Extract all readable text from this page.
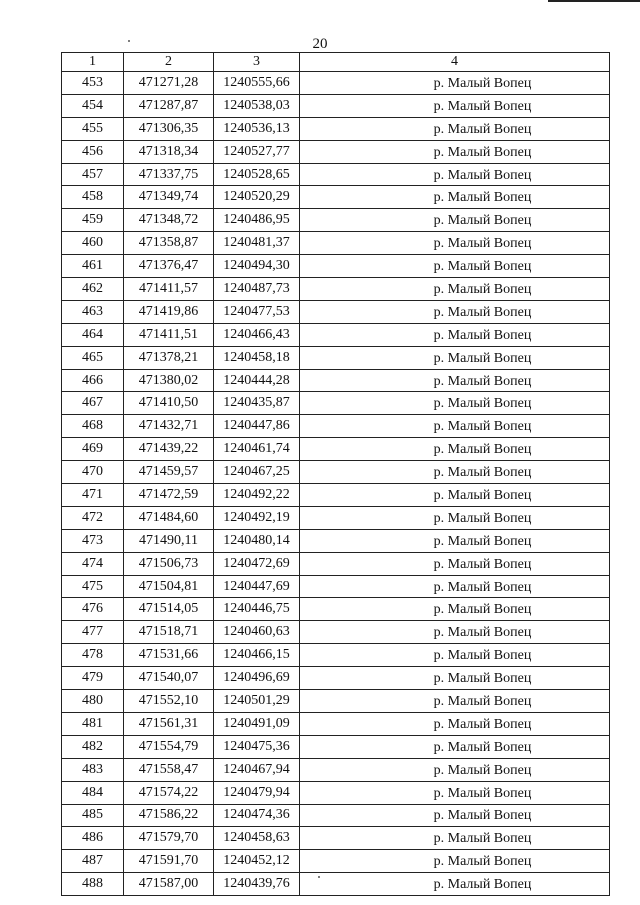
20
1	2	3	4
453	471271,28	1240555,66	р. Малый Вопец
454	471287,87	1240538,03	р. Малый Вопец
455	471306,35	1240536,13	р. Малый Вопец
456	471318,34	1240527,77	р. Малый Вопец
457	471337,75	1240528,65	р. Малый Вопец
458	471349,74	1240520,29	р. Малый Вопец
459	471348,72	1240486,95	р. Малый Вопец
460	471358,87	1240481,37	р. Малый Вопец
461	471376,47	1240494,30	р. Малый Вопец
462	471411,57	1240487,73	р. Малый Вопец
463	471419,86	1240477,53	р. Малый Вопец
464	471411,51	1240466,43	р. Малый Вопец
465	471378,21	1240458,18	р. Малый Вопец
466	471380,02	1240444,28	р. Малый Вопец
467	471410,50	1240435,87	р. Малый Вопец
468	471432,71	1240447,86	р. Малый Вопец
469	471439,22	1240461,74	р. Малый Вопец
470	471459,57	1240467,25	р. Малый Вопец
471	471472,59	1240492,22	р. Малый Вопец
472	471484,60	1240492,19	р. Малый Вопец
473	471490,11	1240480,14	р. Малый Вопец
474	471506,73	1240472,69	р. Малый Вопец
475	471504,81	1240447,69	р. Малый Вопец
476	471514,05	1240446,75	р. Малый Вопец
477	471518,71	1240460,63	р. Малый Вопец
478	471531,66	1240466,15	р. Малый Вопец
479	471540,07	1240496,69	р. Малый Вопец
480	471552,10	1240501,29	р. Малый Вопец
481	471561,31	1240491,09	р. Малый Вопец
482	471554,79	1240475,36	р. Малый Вопец
483	471558,47	1240467,94	р. Малый Вопец
484	471574,22	1240479,94	р. Малый Вопец
485	471586,22	1240474,36	р. Малый Вопец
486	471579,70	1240458,63	р. Малый Вопец
487	471591,70	1240452,12	р. Малый Вопец
488	471587,00	1240439,76	р. Малый Вопец
